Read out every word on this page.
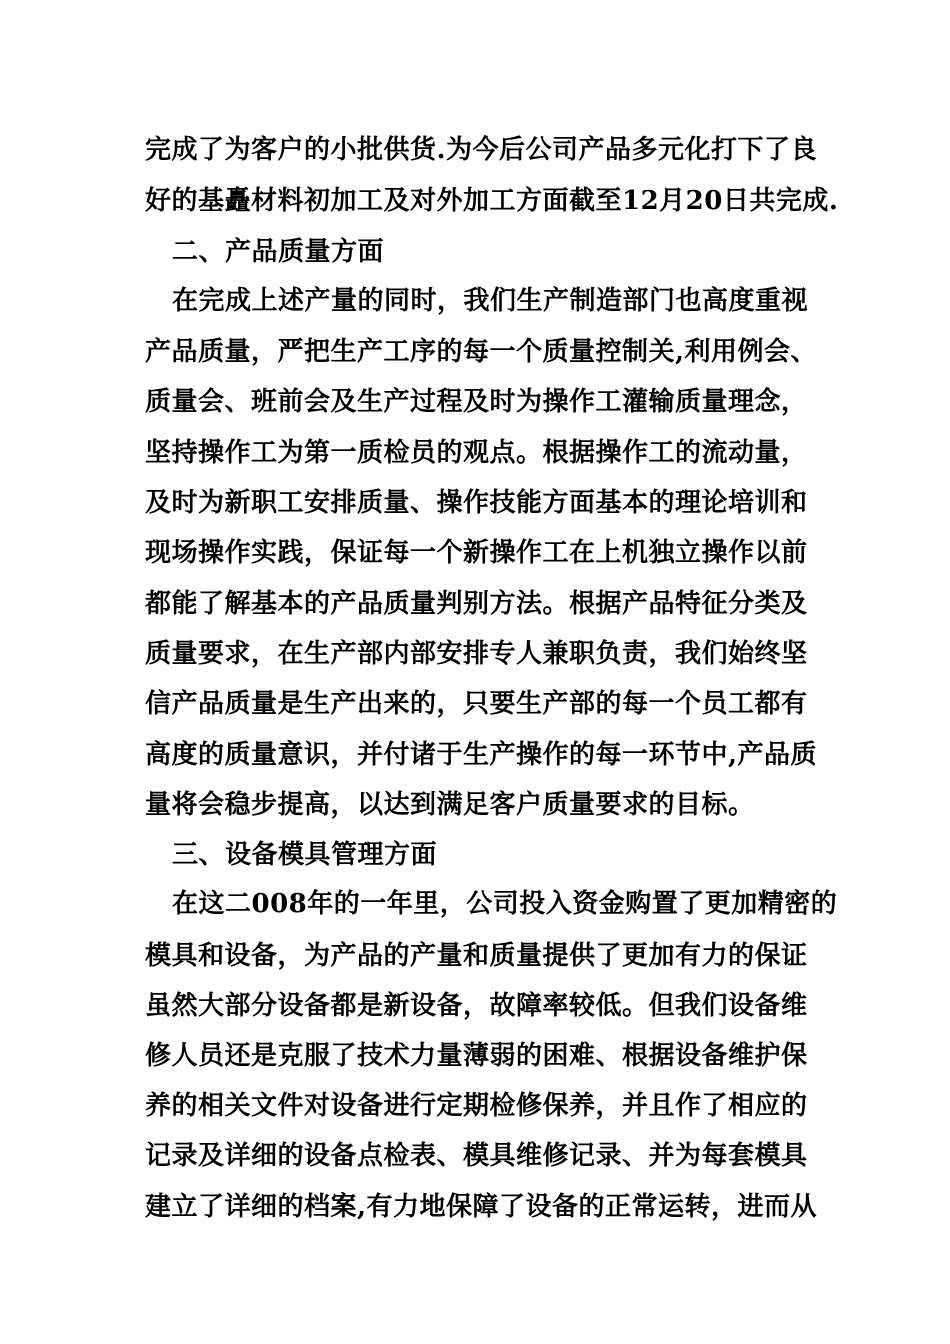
完成了为客户的小批供货.为今后公司产品多元化打下了良
好的基矗材料初加工及对外加工方面截至12月20日共完成.
二、产品质量方面
在完成上述产量的同时，我们生产制造部门也高度重视
产品质量，严把生产工序的每一个质量控制关,利用例会、
质量会、班前会及生产过程及时为操作工灌输质量理念，
坚持操作工为第一质检员的观点。根据操作工的流动量，
及时为新职工安排质量、操作技能方面基本的理论培训和
现场操作实践，保证每一个新操作工在上机独立操作以前
都能了解基本的产品质量判别方法。根据产品特征分类及
质量要求，在生产部内部安排专人兼职负责，我们始终坚
信产品质量是生产出来的，只要生产部的每一个员工都有
高度的质量意识，并付诸于生产操作的每一环节中,产品质
量将会稳步提高，以达到满足客户质量要求的目标。
三、设备模具管理方面
在这二008年的一年里，公司投入资金购置了更加精密的
模具和设备，为产品的产量和质量提供了更加有力的保证
虽然大部分设备都是新设备，故障率较低。但我们设备维
修人员还是克服了技术力量薄弱的困难、根据设备维护保
养的相关文件对设备进行定期检修保养，并且作了相应的
记录及详细的设备点检表、模具维修记录、并为每套模具
建立了详细的档案,有力地保障了设备的正常运转，进而从
